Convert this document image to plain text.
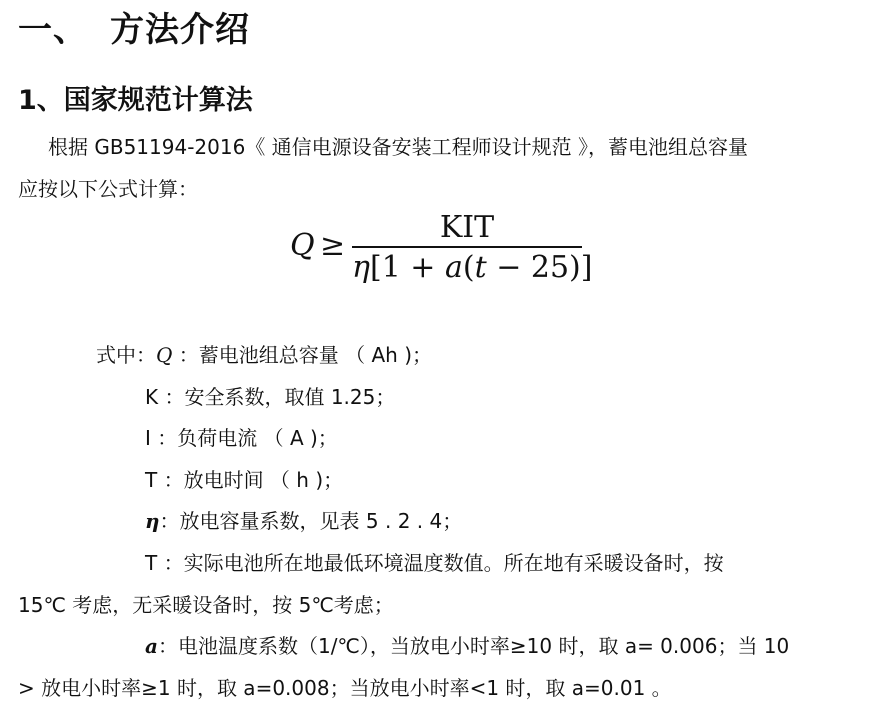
一、 方法介绍
1、国家规范计算法
根据 GB51194-2016《 通信电源设备安装工程师设计规范 》，蓄电池组总容量
应按以下公式计算：
Q ≥
KIT
η[1 + a(t − 25)]
式中：Q ：蓄电池组总容量 （ Ah )；
K ：安全系数，取值 1.25；
I ：负荷电流 （ A )；
T ：放电时间 （ h )；
η：放电容量系数，见表 5 . 2 . 4；
T ：实际电池所在地最低环境温度数值。所在地有采暖设备时，按
15℃ 考虑，无采暖设备时，按 5℃考虑；
a：电池温度系数（1/℃），当放电小时率≥10 时，取 a= 0.006；当 10
> 放电小时率≥1 时，取 a=0.008；当放电小时率<1 时，取 a=0.01 。
